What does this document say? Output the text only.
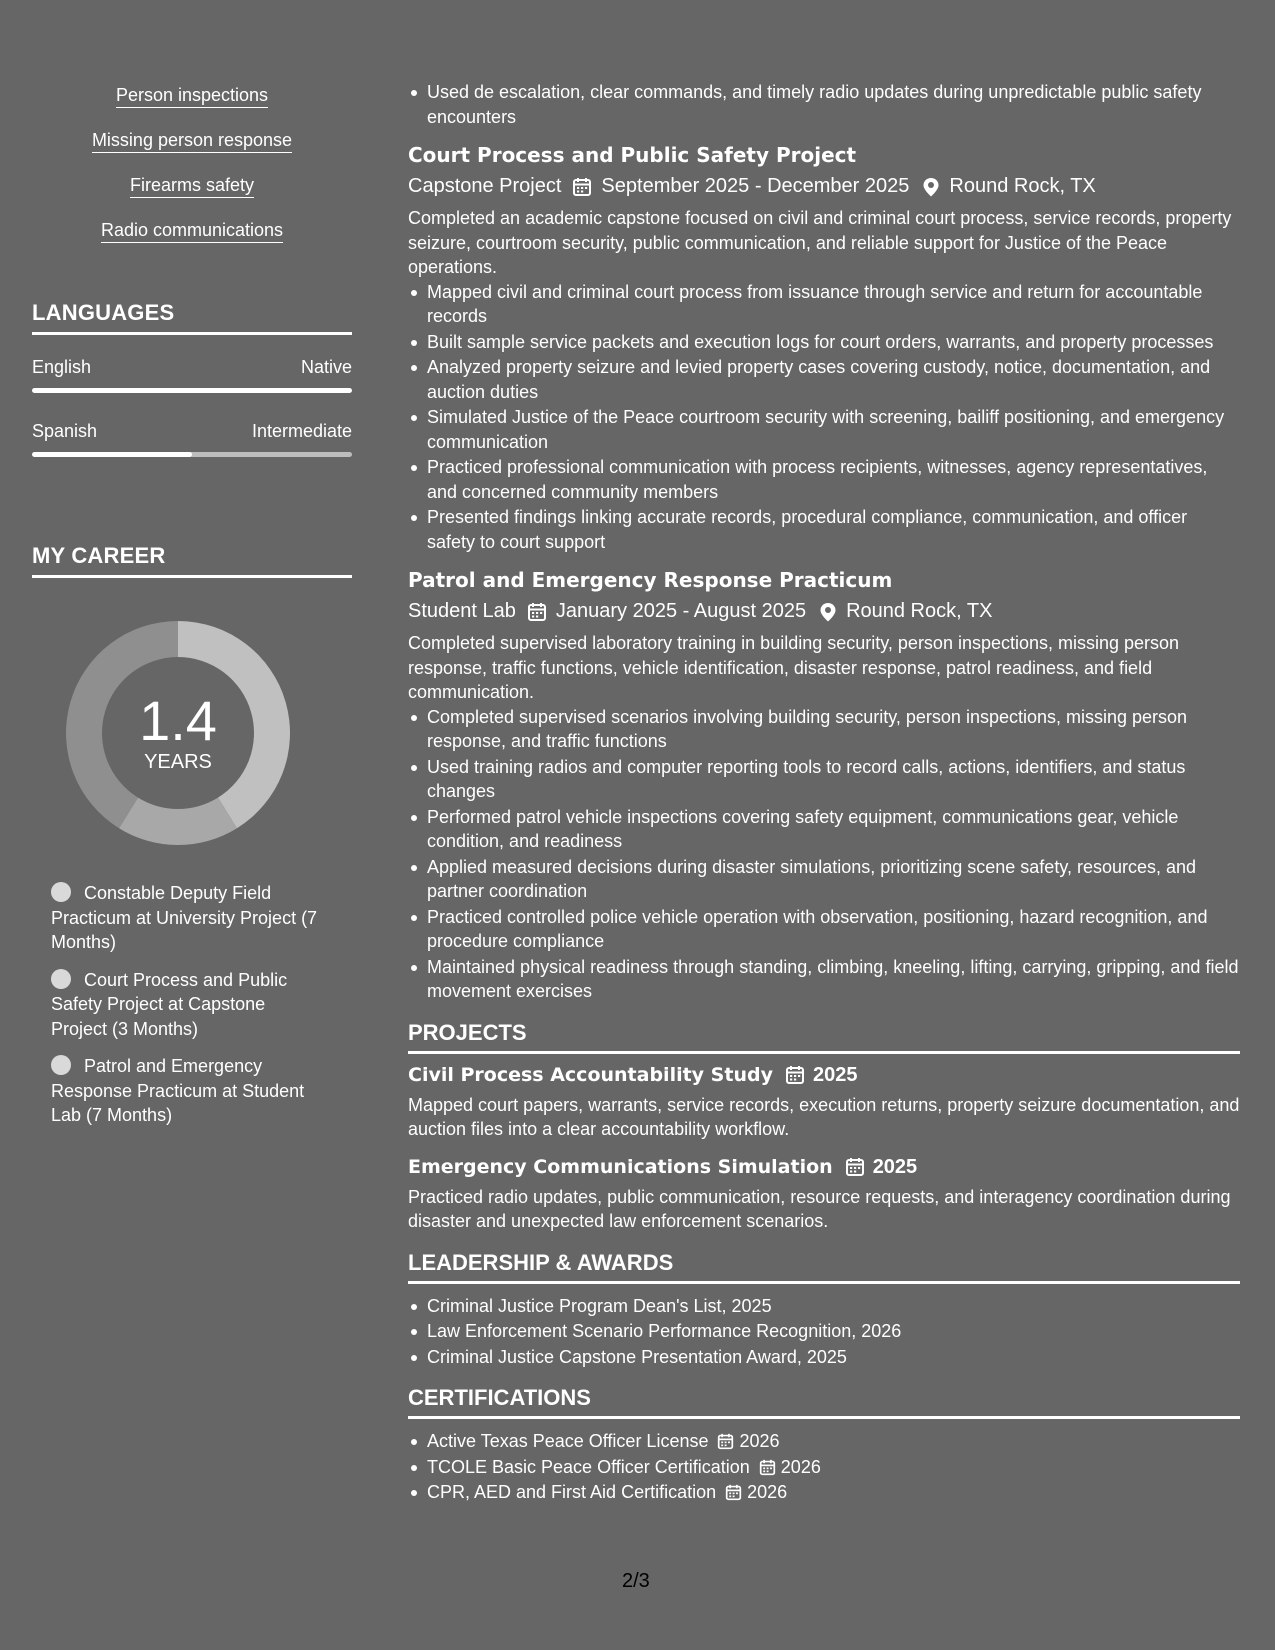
Person inspections
Missing person response
Firearms safety
Radio communications
LANGUAGES
English	Native
Spanish	Intermediate
MY CAREER
1.4
YEARS
Constable Deputy Field Practicum at University Project (7 Months)
Court Process and Public Safety Project at Capstone Project (3 Months)
Patrol and Emergency Response Practicum at Student Lab (7 Months)
Used de escalation, clear commands, and timely radio updates during unpredictable public safety encounters
Court Process and Public Safety Project
Capstone Project September 2025 - December 2025 Round Rock, TX
Completed an academic capstone focused on civil and criminal court process, service records, property seizure, courtroom security, public communication, and reliable support for Justice of the Peace operations.
Mapped civil and criminal court process from issuance through service and return for accountable records
Built sample service packets and execution logs for court orders, warrants, and property processes
Analyzed property seizure and levied property cases covering custody, notice, documentation, and auction duties
Simulated Justice of the Peace courtroom security with screening, bailiff positioning, and emergency communication
Practiced professional communication with process recipients, witnesses, agency representatives, and concerned community members
Presented findings linking accurate records, procedural compliance, communication, and officer safety to court support
Patrol and Emergency Response Practicum
Student Lab January 2025 - August 2025 Round Rock, TX
Completed supervised laboratory training in building security, person inspections, missing person response, traffic functions, vehicle identification, disaster response, patrol readiness, and field communication.
Completed supervised scenarios involving building security, person inspections, missing person response, and traffic functions
Used training radios and computer reporting tools to record calls, actions, identifiers, and status changes
Performed patrol vehicle inspections covering safety equipment, communications gear, vehicle condition, and readiness
Applied measured decisions during disaster simulations, prioritizing scene safety, resources, and partner coordination
Practiced controlled police vehicle operation with observation, positioning, hazard recognition, and procedure compliance
Maintained physical readiness through standing, climbing, kneeling, lifting, carrying, gripping, and field movement exercises
PROJECTS
Civil Process Accountability Study 2025
Mapped court papers, warrants, service records, execution returns, property seizure documentation, and auction files into a clear accountability workflow.
Emergency Communications Simulation 2025
Practiced radio updates, public communication, resource requests, and interagency coordination during disaster and unexpected law enforcement scenarios.
LEADERSHIP & AWARDS
Criminal Justice Program Dean's List, 2025
Law Enforcement Scenario Performance Recognition, 2026
Criminal Justice Capstone Presentation Award, 2025
CERTIFICATIONS
Active Texas Peace Officer License 2026
TCOLE Basic Peace Officer Certification 2026
CPR, AED and First Aid Certification 2026
2/3
